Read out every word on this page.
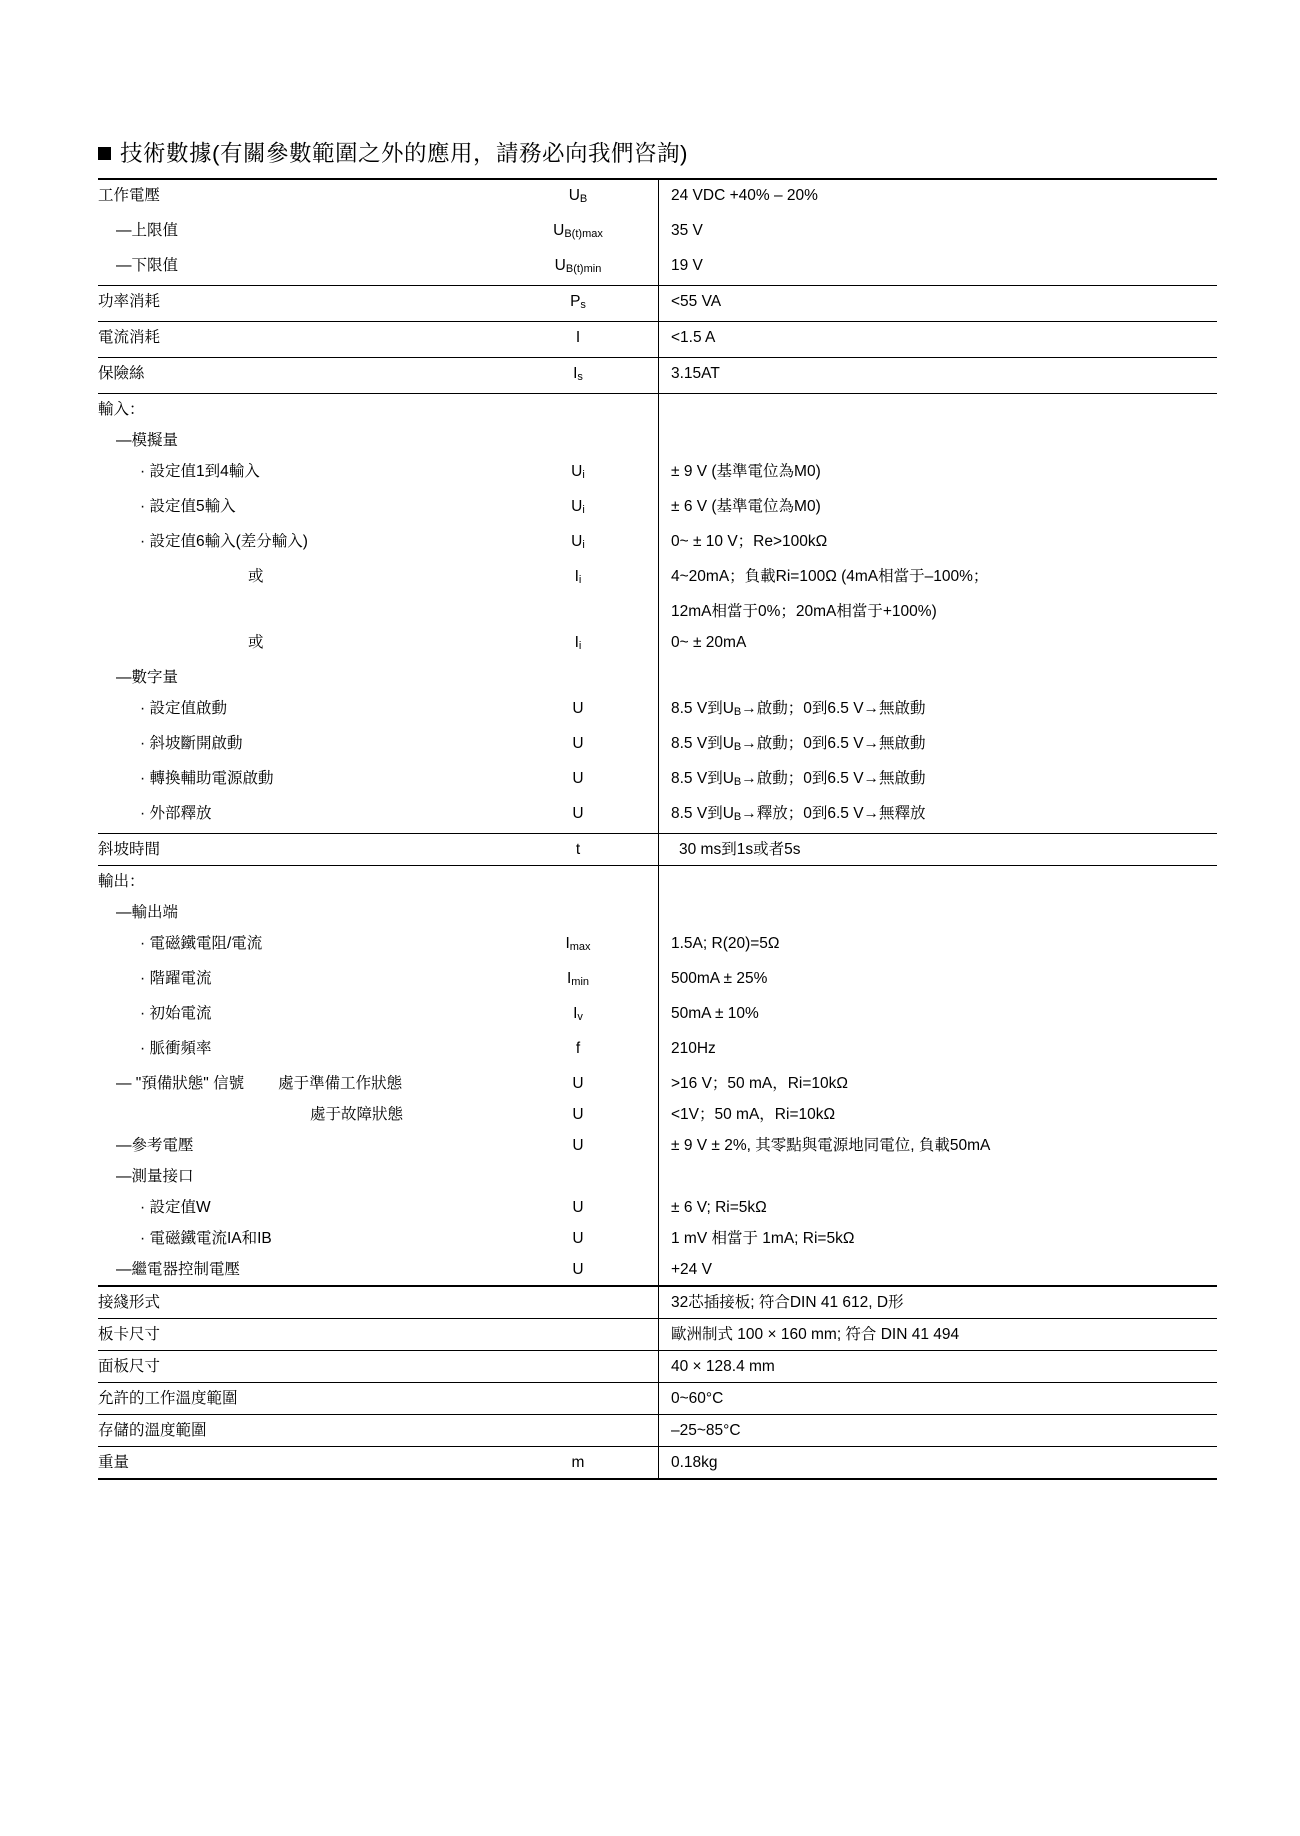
技術數據(有關參數範圍之外的應用，請務必向我們咨詢)
工作電壓	UB	24 VDC +40% – 20%
—上限值	UB(t)max	35 V
—下限值	UB(t)min	19 V
功率消耗	Ps	<55 VA
電流消耗	I	<1.5 A
保險絲	Is	3.15AT
輸入：		
—模擬量		
· 設定值1到4輸入	Ui	± 9 V (基準電位為M0)
· 設定值5輸入	Ui	± 6 V (基準電位為M0)
· 設定值6輸入(差分輸入)	Ui	0~ ± 10 V；Re>100kΩ
或	Ii	4~20mA；負載Ri=100Ω (4mA相當于–100%；
		12mA相當于0%；20mA相當于+100%)
或	Ii	0~ ± 20mA
—數字量		
· 設定值啟動	U	8.5 V到UB→啟動；0到6.5 V→無啟動
· 斜坡斷開啟動	U	8.5 V到UB→啟動；0到6.5 V→無啟動
· 轉換輔助電源啟動	U	8.5 V到UB→啟動；0到6.5 V→無啟動
· 外部釋放	U	8.5 V到UB→釋放；0到6.5 V→無釋放
斜坡時間	t	30 ms到1s或者5s
輸出：		
—輸出端		
· 電磁鐵電阻/電流	Imax	1.5A; R(20)=5Ω
· 階躍電流	Imin	500mA ± 25%
· 初始電流	Iv	50mA ± 10%
· 脈衝頻率	f	210Hz
— "預備狀態" 信號 處于準備工作狀態	U	>16 V；50 mA，Ri=10kΩ
處于故障狀態	U	<1V；50 mA，Ri=10kΩ
—參考電壓	U	± 9 V ± 2%, 其零點與電源地同電位, 負載50mA
—測量接口		
· 設定值W	U	± 6 V; Ri=5kΩ
· 電磁鐵電流IA和IB	U	1 mV 相當于 1mA; Ri=5kΩ
—繼電器控制電壓	U	+24 V
接綫形式		32芯插接板; 符合DIN 41 612, D形
板卡尺寸		歐洲制式 100 × 160 mm; 符合 DIN 41 494
面板尺寸		40 × 128.4 mm
允許的工作溫度範圍		0~60°C
存儲的溫度範圍		–25~85°C
重量	m	0.18kg
